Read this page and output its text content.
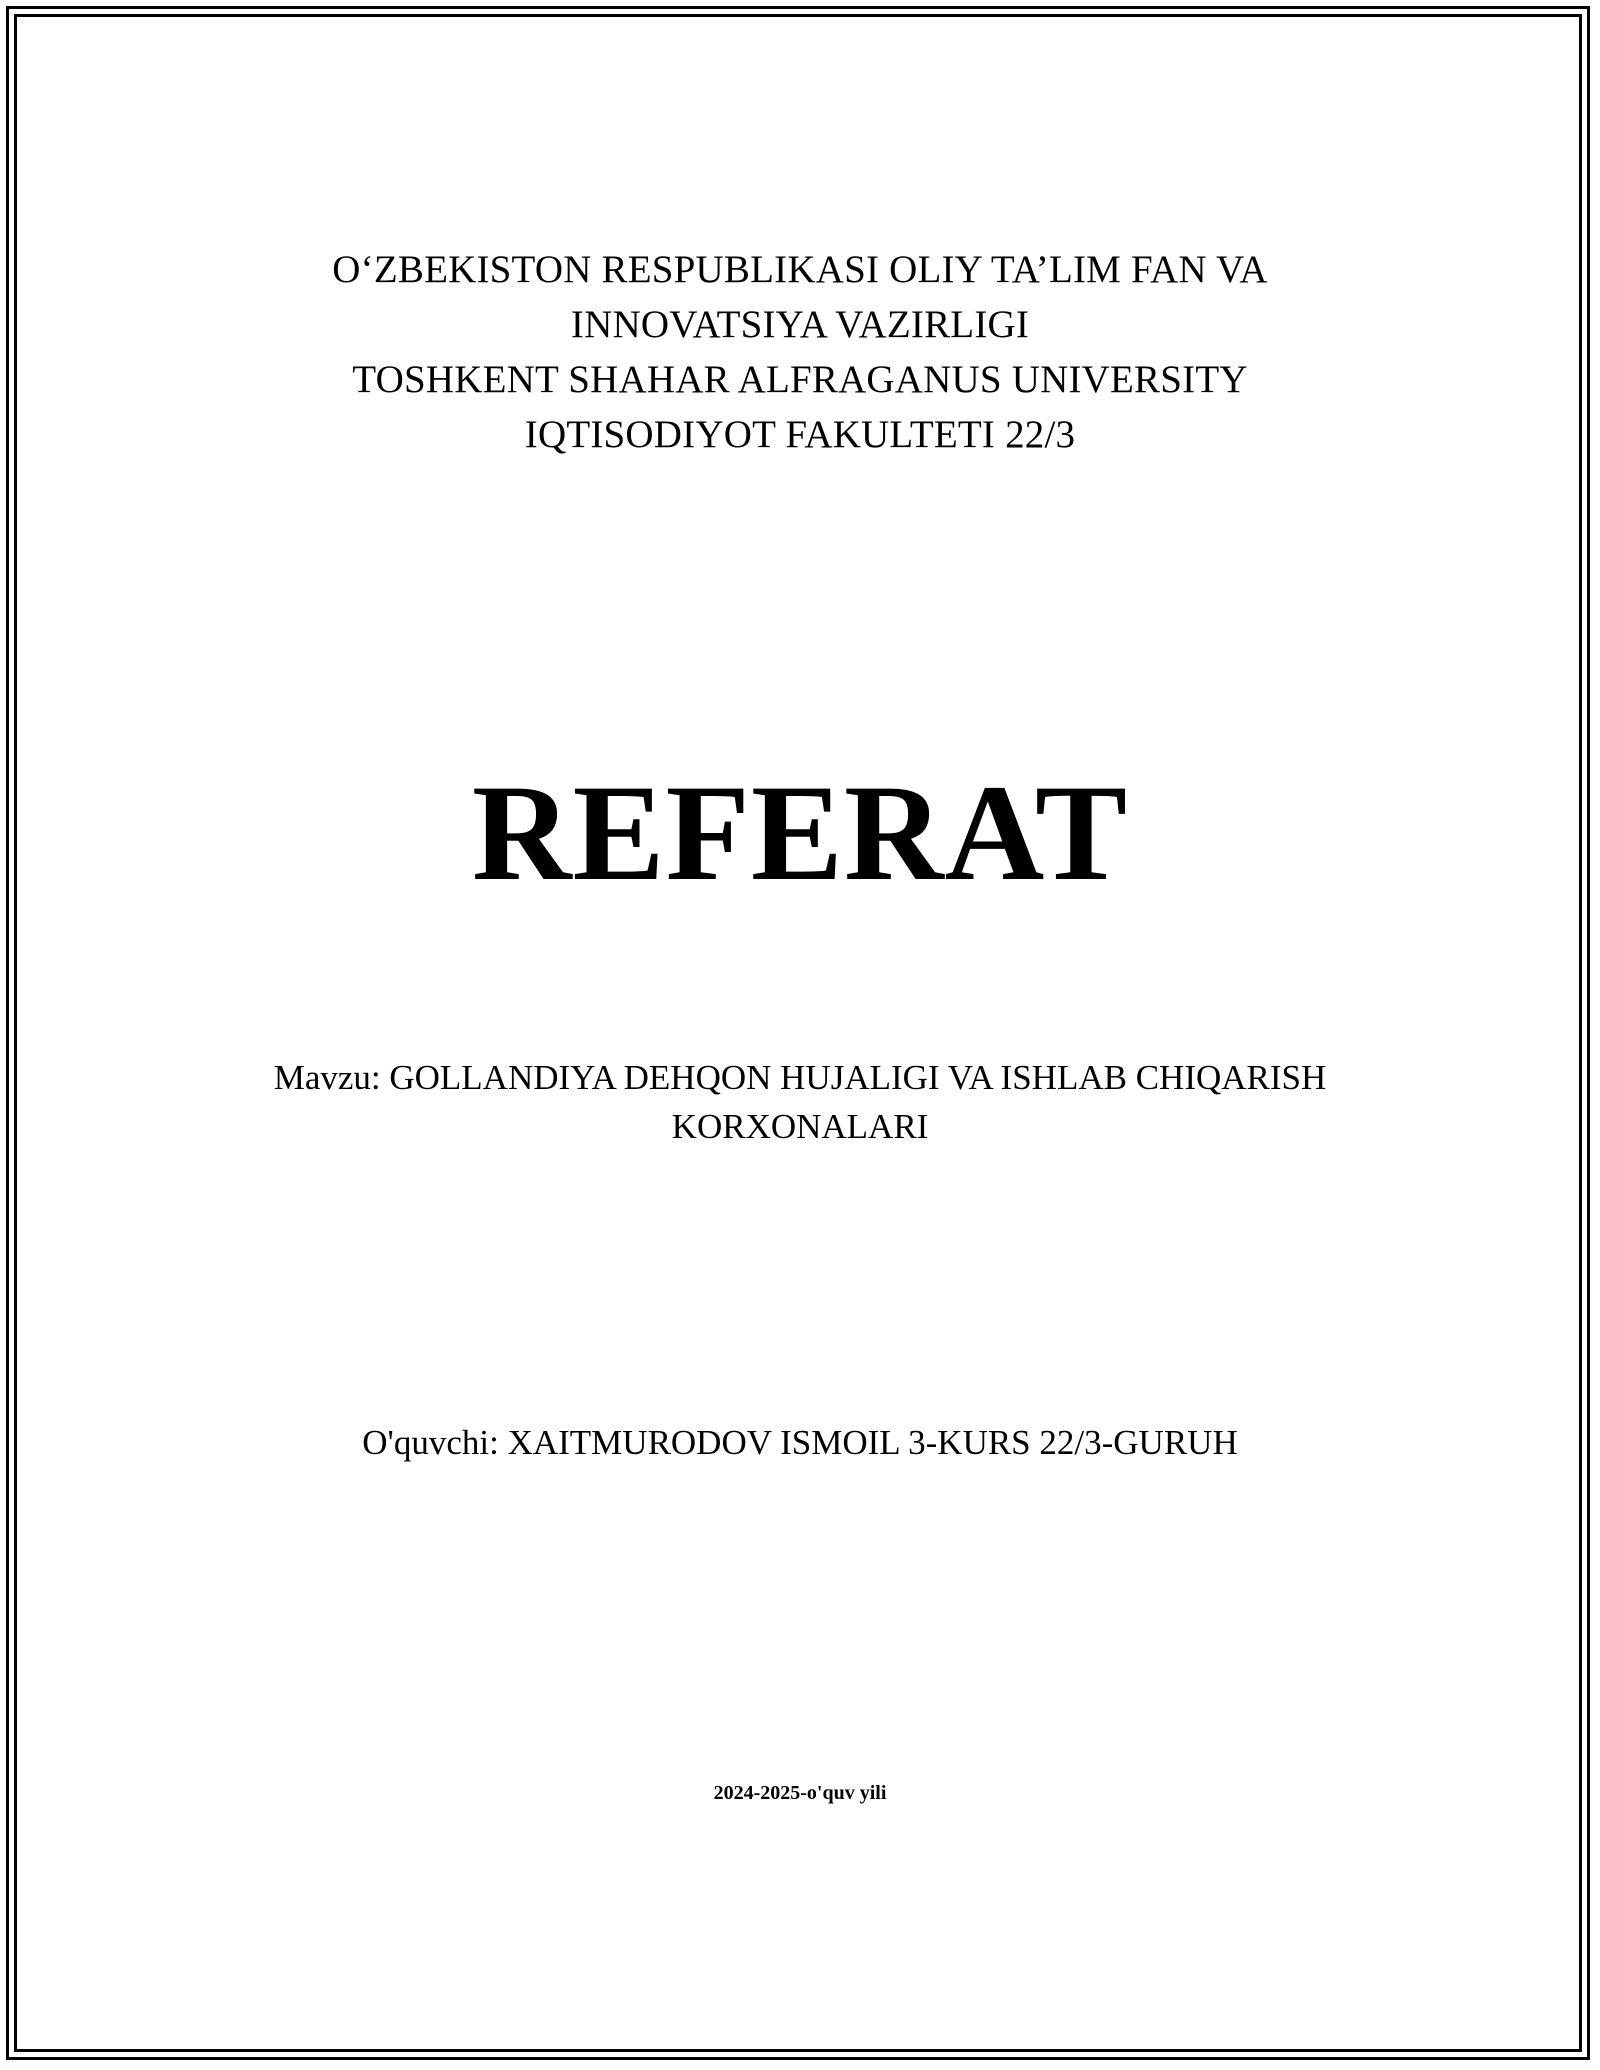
O‘ZBEKISTON RESPUBLIKASI OLIY TA’LIM FAN VA
INNOVATSIYA VAZIRLIGI
TOSHKENT SHAHAR ALFRAGANUS UNIVERSITY
IQTISODIYOT FAKULTETI 22/3
REFERAT
Mavzu: GOLLANDIYA DEHQON HUJALIGI VA ISHLAB CHIQARISH
KORXONALARI
O'quvchi: XAITMURODOV ISMOIL 3-KURS 22/3-GURUH
2024-2025-o'quv yili
